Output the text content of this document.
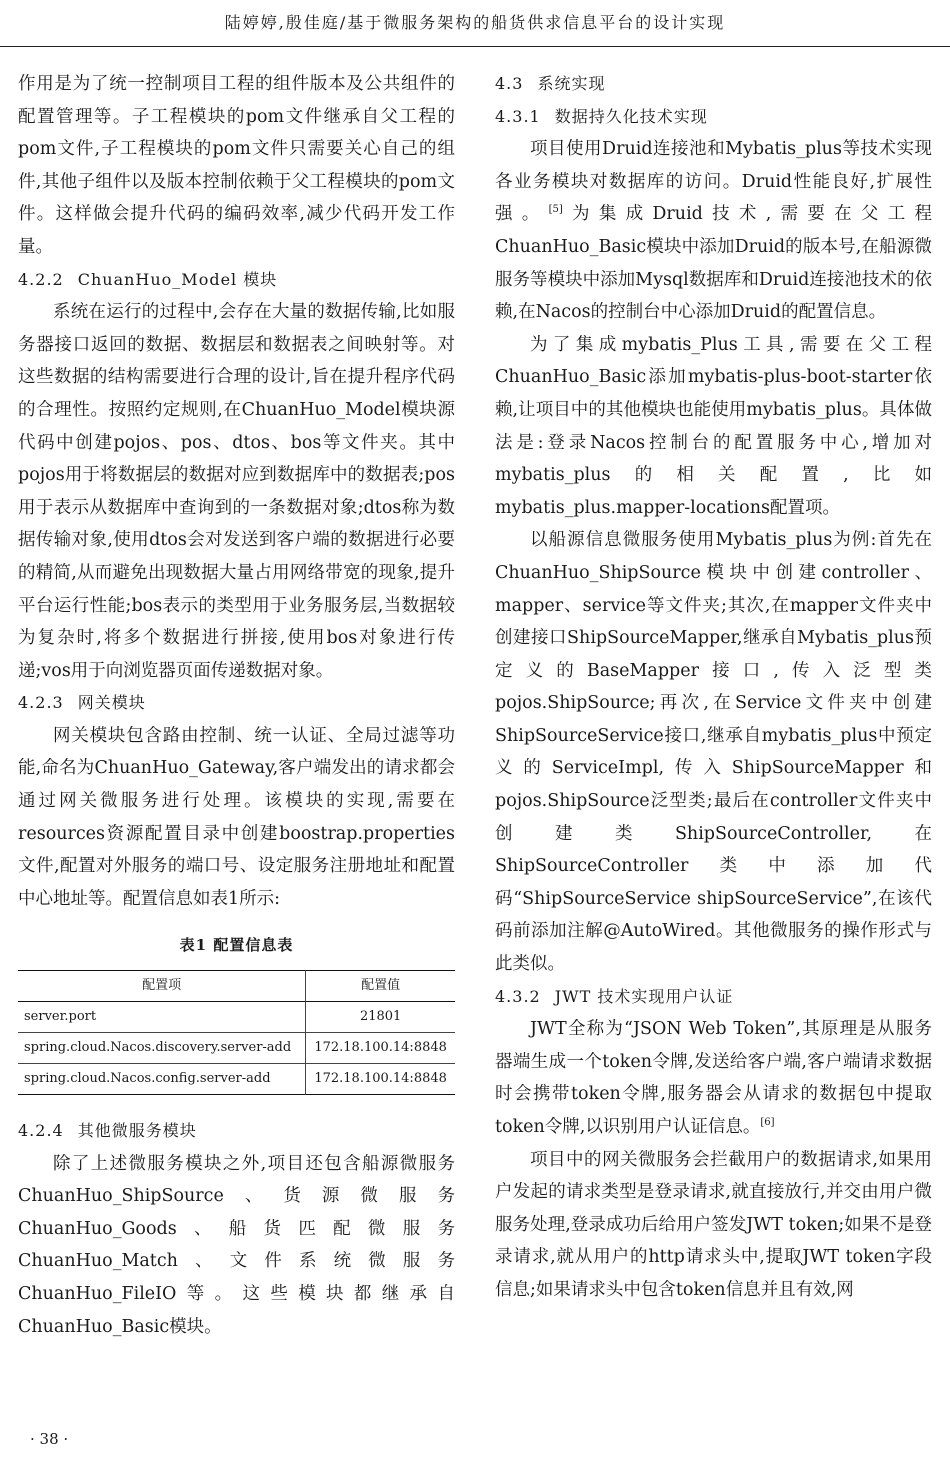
陆婷婷,殷佳庭/基于微服务架构的船货供求信息平台的设计实现

作用是为了统一控制项目工程的组件版本及公共组件的配置管理等。子工程模块的pom文件继承自父工程的pom文件,子工程模块的pom文件只需要关心自己的组件,其他子组件以及版本控制依赖于父工程模块的pom文件。这样做会提升代码的编码效率,减少代码开发工作量。

4.2.2 ChuanHuo_Model 模块

系统在运行的过程中,会存在大量的数据传输,比如服务器接口返回的数据、数据层和数据表之间映射等。对这些数据的结构需要进行合理的设计,旨在提升程序代码的合理性。按照约定规则,在ChuanHuo_Model模块源代码中创建pojos、pos、dtos、bos等文件夹。其中pojos用于将数据层的数据对应到数据库中的数据表;pos用于表示从数据库中查询到的一条数据对象;dtos称为数据传输对象,使用dtos会对发送到客户端的数据进行必要的精简,从而避免出现数据大量占用网络带宽的现象,提升平台运行性能;bos表示的类型用于业务服务层,当数据较为复杂时,将多个数据进行拼接,使用bos对象进行传递;vos用于向浏览器页面传递数据对象。

4.2.3 网关模块

网关模块包含路由控制、统一认证、全局过滤等功能,命名为ChuanHuo_Gateway,客户端发出的请求都会通过网关微服务进行处理。该模块的实现,需要在resources资源配置目录中创建boostrap.properties文件,配置对外服务的端口号、设定服务注册地址和配置中心地址等。配置信息如表1所示:

表1 配置信息表
配置项	配置值
server.port	21801
spring.cloud.Nacos.discovery.server-add	172.18.100.14:8848
spring.cloud.Nacos.config.server-add	172.18.100.14:8848
4.2.4 其他微服务模块

除了上述微服务模块之外,项目还包含船源微服务ChuanHuo_ShipSource、货源微服务ChuanHuo_Goods、船货匹配微服务ChuanHuo_Match、文件系统微服务ChuanHuo_FileIO等。这些模块都继承自ChuanHuo_Basic模块。

4.3 系统实现
4.3.1 数据持久化技术实现

项目使用Druid连接池和Mybatis_plus等技术实现各业务模块对数据库的访问。Druid性能良好,扩展性强。[5]为集成Druid技术,需要在父工程ChuanHuo_Basic模块中添加Druid的版本号,在船源微服务等模块中添加Mysql数据库和Druid连接池技术的依赖,在Nacos的控制台中心添加Druid的配置信息。

为了集成mybatis_Plus工具,需要在父工程ChuanHuo_Basic添加mybatis-plus-boot-starter依赖,让项目中的其他模块也能使用mybatis_plus。具体做法是:登录Nacos控制台的配置服务中心,增加对mybatis_plus的相关配置,比如mybatis_plus.mapper-locations配置项。

以船源信息微服务使用Mybatis_plus为例:首先在ChuanHuo_ShipSource模块中创建controller、mapper、service等文件夹;其次,在mapper文件夹中创建接口ShipSourceMapper,继承自Mybatis_plus预定义的BaseMapper接口,传入泛型类pojos.ShipSource;再次,在Service文件夹中创建ShipSourceService接口,继承自mybatis_plus中预定义的ServiceImpl,传入ShipSourceMapper和pojos.ShipSource泛型类;最后在controller文件夹中创建类ShipSourceController,在ShipSourceController类中添加代码“ShipSourceService shipSourceService”,在该代码前添加注解@AutoWired。其他微服务的操作形式与此类似。

4.3.2 JWT 技术实现用户认证

JWT全称为“JSON Web Token”,其原理是从服务器端生成一个token令牌,发送给客户端,客户端请求数据时会携带token令牌,服务器会从请求的数据包中提取token令牌,以识别用户认证信息。[6]

项目中的网关微服务会拦截用户的数据请求,如果用户发起的请求类型是登录请求,就直接放行,并交由用户微服务处理,登录成功后给用户签发JWT token;如果不是登录请求,就从用户的http请求头中,提取JWT token字段信息;如果请求头中包含token信息并且有效,网

· 38 ·
